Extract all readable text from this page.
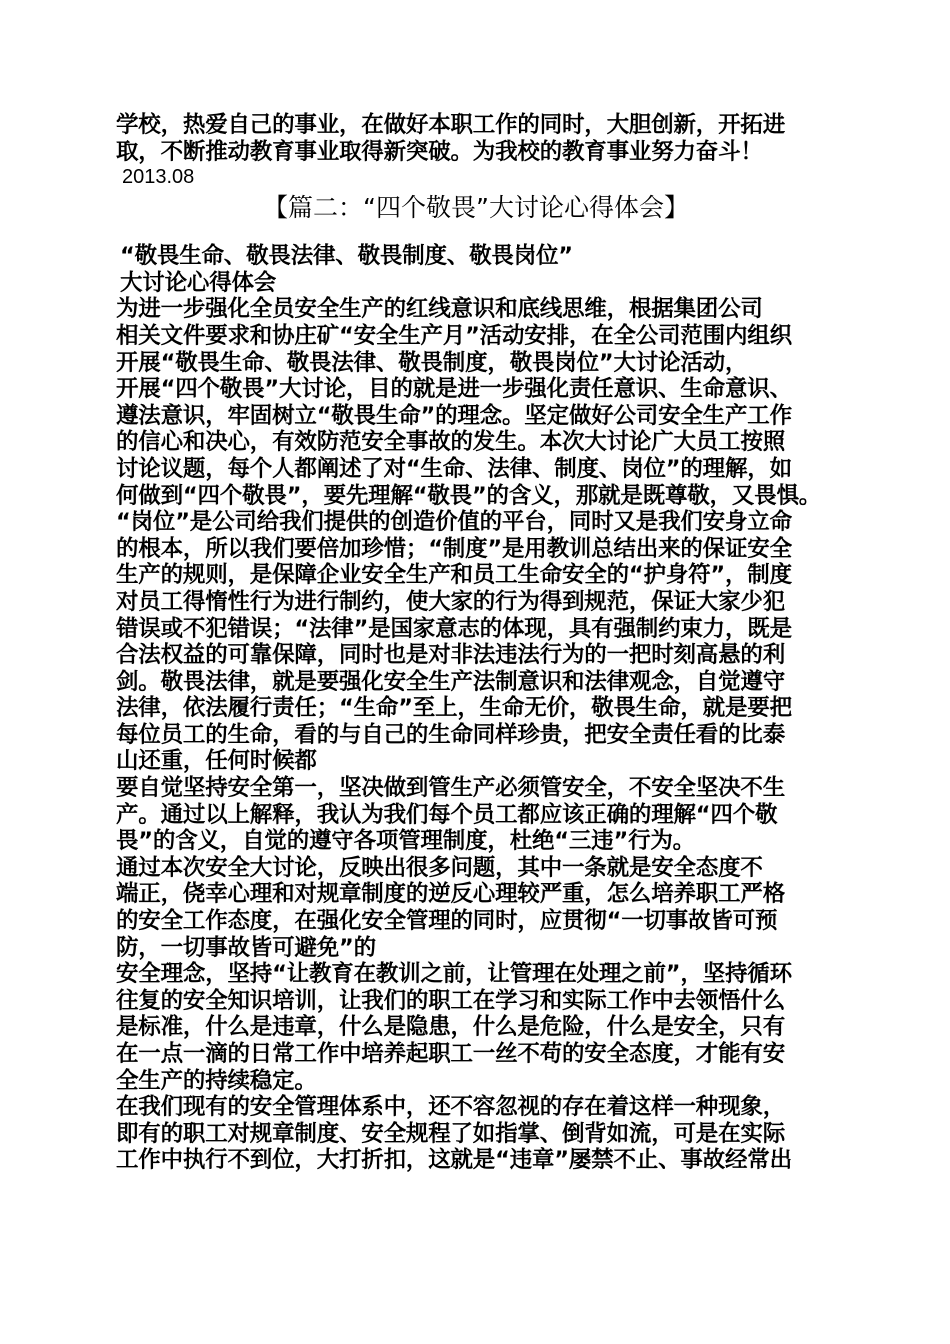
学校，热爱自己的事业，在做好本职工作的同时，大胆创新，开拓进
取，不断推动教育事业取得新突破。为我校的教育事业努力奋斗！
2013.08
【篇二：“四个敬畏”大讨论心得体会】
“敬畏生命、敬畏法律、敬畏制度、敬畏岗位”
大讨论心得体会
为进一步强化全员安全生产的红线意识和底线思维，根据集团公司
相关文件要求和协庄矿“安全生产月”活动安排，在全公司范围内组织
开展“敬畏生命、敬畏法律、敬畏制度，敬畏岗位”大讨论活动，
开展“四个敬畏”大讨论，目的就是进一步强化责任意识、生命意识、
遵法意识，牢固树立“敬畏生命”的理念。坚定做好公司安全生产工作
的信心和决心，有效防范安全事故的发生。本次大讨论广大员工按照
讨论议题，每个人都阐述了对“生命、法律、制度、岗位”的理解，如
何做到“四个敬畏”，要先理解“敬畏”的含义，那就是既尊敬，又畏惧。
“岗位”是公司给我们提供的创造价值的平台，同时又是我们安身立命
的根本，所以我们要倍加珍惜；“制度”是用教训总结出来的保证安全
生产的规则，是保障企业安全生产和员工生命安全的“护身符”，制度
对员工得惰性行为进行制约，使大家的行为得到规范，保证大家少犯
错误或不犯错误；“法律”是国家意志的体现，具有强制约束力，既是
合法权益的可靠保障，同时也是对非法违法行为的一把时刻高悬的利
剑。敬畏法律，就是要强化安全生产法制意识和法律观念，自觉遵守
法律，依法履行责任；“生命”至上，生命无价，敬畏生命，就是要把
每位员工的生命，看的与自己的生命同样珍贵，把安全责任看的比泰
山还重，任何时候都
要自觉坚持安全第一，坚决做到管生产必须管安全，不安全坚决不生
产。通过以上解释，我认为我们每个员工都应该正确的理解“四个敬
畏”的含义，自觉的遵守各项管理制度，杜绝“三违”行为。
通过本次安全大讨论，反映出很多问题，其中一条就是安全态度不
端正，侥幸心理和对规章制度的逆反心理较严重，怎么培养职工严格
的安全工作态度，在强化安全管理的同时，应贯彻“一切事故皆可预
防，一切事故皆可避免”的
安全理念，坚持“让教育在教训之前，让管理在处理之前”，坚持循环
往复的安全知识培训，让我们的职工在学习和实际工作中去领悟什么
是标准，什么是违章，什么是隐患，什么是危险，什么是安全，只有
在一点一滴的日常工作中培养起职工一丝不苟的安全态度，才能有安
全生产的持续稳定。
在我们现有的安全管理体系中，还不容忽视的存在着这样一种现象，
即有的职工对规章制度、安全规程了如指掌、倒背如流，可是在实际
工作中执行不到位，大打折扣，这就是“违章”屡禁不止、事故经常出
